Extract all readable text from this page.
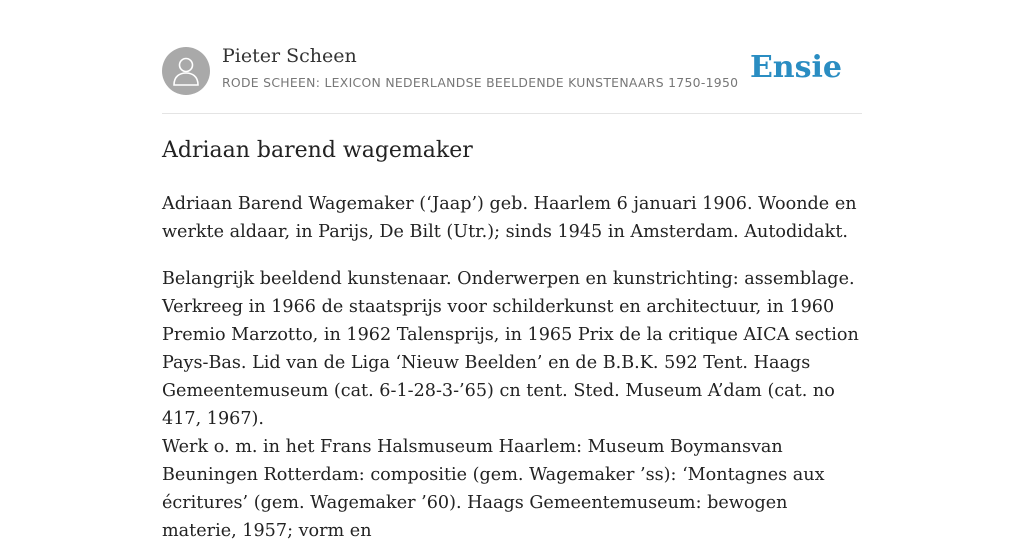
Pieter Scheen
RODE SCHEEN: LEXICON NEDERLANDSE BEELDENDE KUNSTENAARS 1750-1950 Ensie
Adriaan barend wagemaker

Adriaan Barend Wagemaker (‘Jaap’) geb. Haarlem 6 januari 1906. Woonde en werkte aldaar, in Parijs, De Bilt (Utr.); sinds 1945 in Amsterdam. Autodidakt.

Belangrijk beeldend kunstenaar. Onderwerpen en kunstrichting: assemblage. Verkreeg in 1966 de staatsprijs voor schilderkunst en architectuur, in 1960 Premio Marzotto, in 1962 Talensprijs, in 1965 Prix de la critique AICA section Pays-Bas. Lid van de Liga ‘Nieuw Beelden’ en de B.B.K. 592 Tent. Haags Gemeentemuseum (cat. 6-1-28-3-’65) cn tent. Sted. Museum A’dam (cat. no 417, 1967).

Werk o. m. in het Frans Halsmuseum Haarlem: Museum Boymansvan Beuningen Rotterdam: compositie (gem. Wagemaker ’ss): ‘Montagnes aux écritures’ (gem. Wagemaker ’60). Haags Gemeentemuseum: bewogen materie, 1957; vorm en
